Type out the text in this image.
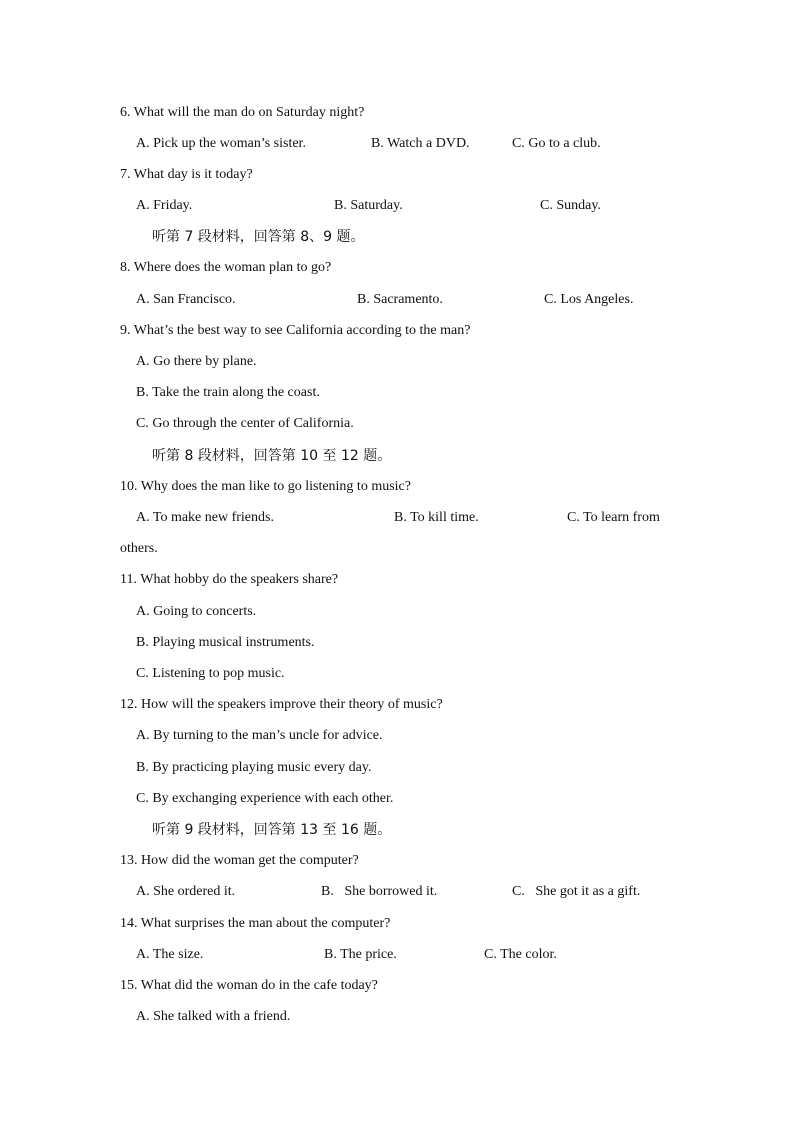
6. What will the man do on Saturday night?
A. Pick up the woman’s sister.	B. Watch a DVD.	C. Go to a club.
7. What day is it today?
A. Friday.	B. Saturday.	C. Sunday.
听第 7 段材料，回答第 8、9 题。
8. Where does the woman plan to go?
A. San Francisco.	B. Sacramento.	C. Los Angeles.
9. What’s the best way to see California according to the man?
A. Go there by plane.
B. Take the train along the coast.
C. Go through the center of California.
听第 8 段材料，回答第 10 至 12 题。
10. Why does the man like to go listening to music?
A. To make new friends.	B. To kill time.	C. To learn from
11. What hobby do the speakers share?
A. Going to concerts.
B. Playing musical instruments.
C. Listening to pop music.
12. How will the speakers improve their theory of music?
A. By turning to the man’s uncle for advice.
B. By practicing playing music every day.
C. By exchanging experience with each other.
听第 9 段材料，回答第 13 至 16 题。
13. How did the woman get the computer?
A. She ordered it.	B. She borrowed it.	C. She got it as a gift.
14. What surprises the man about the computer?
A. The size.	B. The price.	C. The color.
15. What did the woman do in the cafe today?
A. She talked with a friend.
others.
